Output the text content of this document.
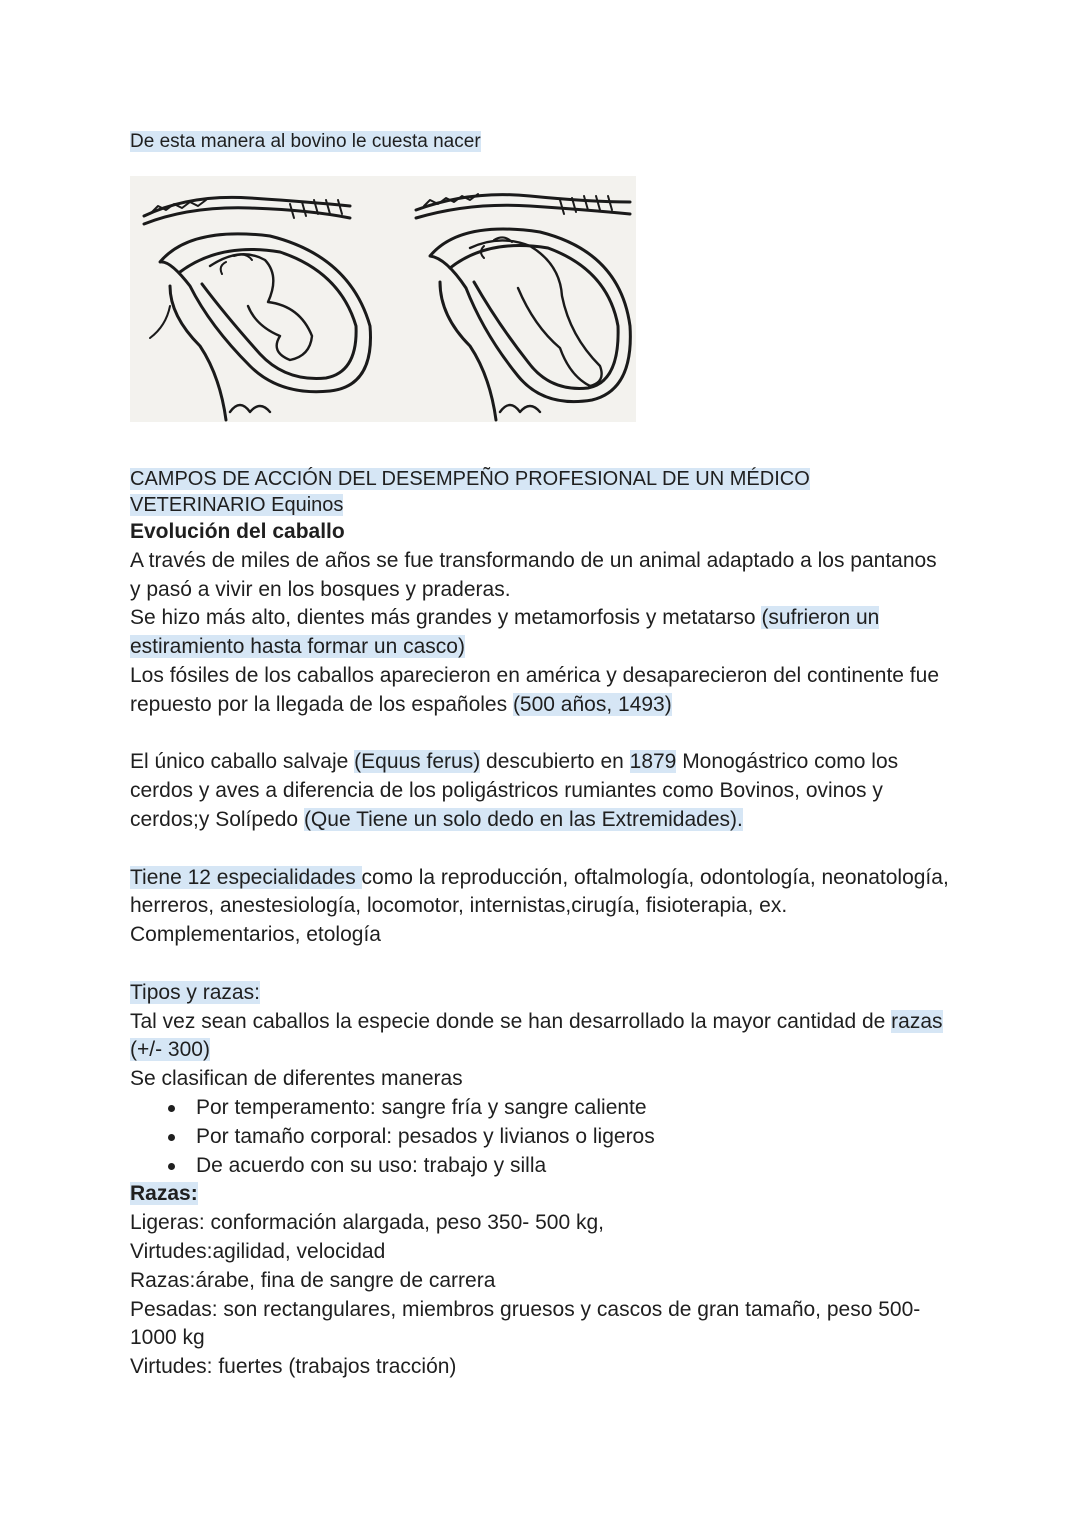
De esta manera al bovino le cuesta nacer

CAMPOS DE ACCIÓN DEL DESEMPEÑO PROFESIONAL DE UN MÉDICO VETERINARIO Equinos

Evolución del caballo

A través de miles de años se fue transformando de un animal adaptado a los pantanos y pasó a vivir en los bosques y praderas.

Se hizo más alto, dientes más grandes y metamorfosis y metatarso (sufrieron un estiramiento hasta formar un casco)

Los fósiles de los caballos aparecieron en américa y desaparecieron del continente fue repuesto por la llegada de los españoles (500 años, 1493)

El único caballo salvaje (Equus ferus) descubierto en 1879 Monogástrico como los cerdos y aves a diferencia de los poligástricos rumiantes como Bovinos, ovinos y cerdos;y Solípedo (Que Tiene un solo dedo en las Extremidades).

Tiene 12 especialidades como la reproducción, oftalmología, odontología, neonatología, herreros, anestesiología, locomotor, internistas,cirugía, fisioterapia, ex. Complementarios, etología

Tipos y razas:

Tal vez sean caballos la especie donde se han desarrollado la mayor cantidad de razas (+/- 300)

Se clasifican de diferentes maneras

Por temperamento: sangre fría y sangre caliente
Por tamaño corporal: pesados y livianos o ligeros
De acuerdo con su uso: trabajo y silla

Razas:

Ligeras: conformación alargada, peso 350- 500 kg,

Virtudes:agilidad, velocidad

Razas:árabe, fina de sangre de carrera

Pesadas: son rectangulares, miembros gruesos y cascos de gran tamaño, peso 500- 1000 kg

Virtudes: fuertes (trabajos tracción)
